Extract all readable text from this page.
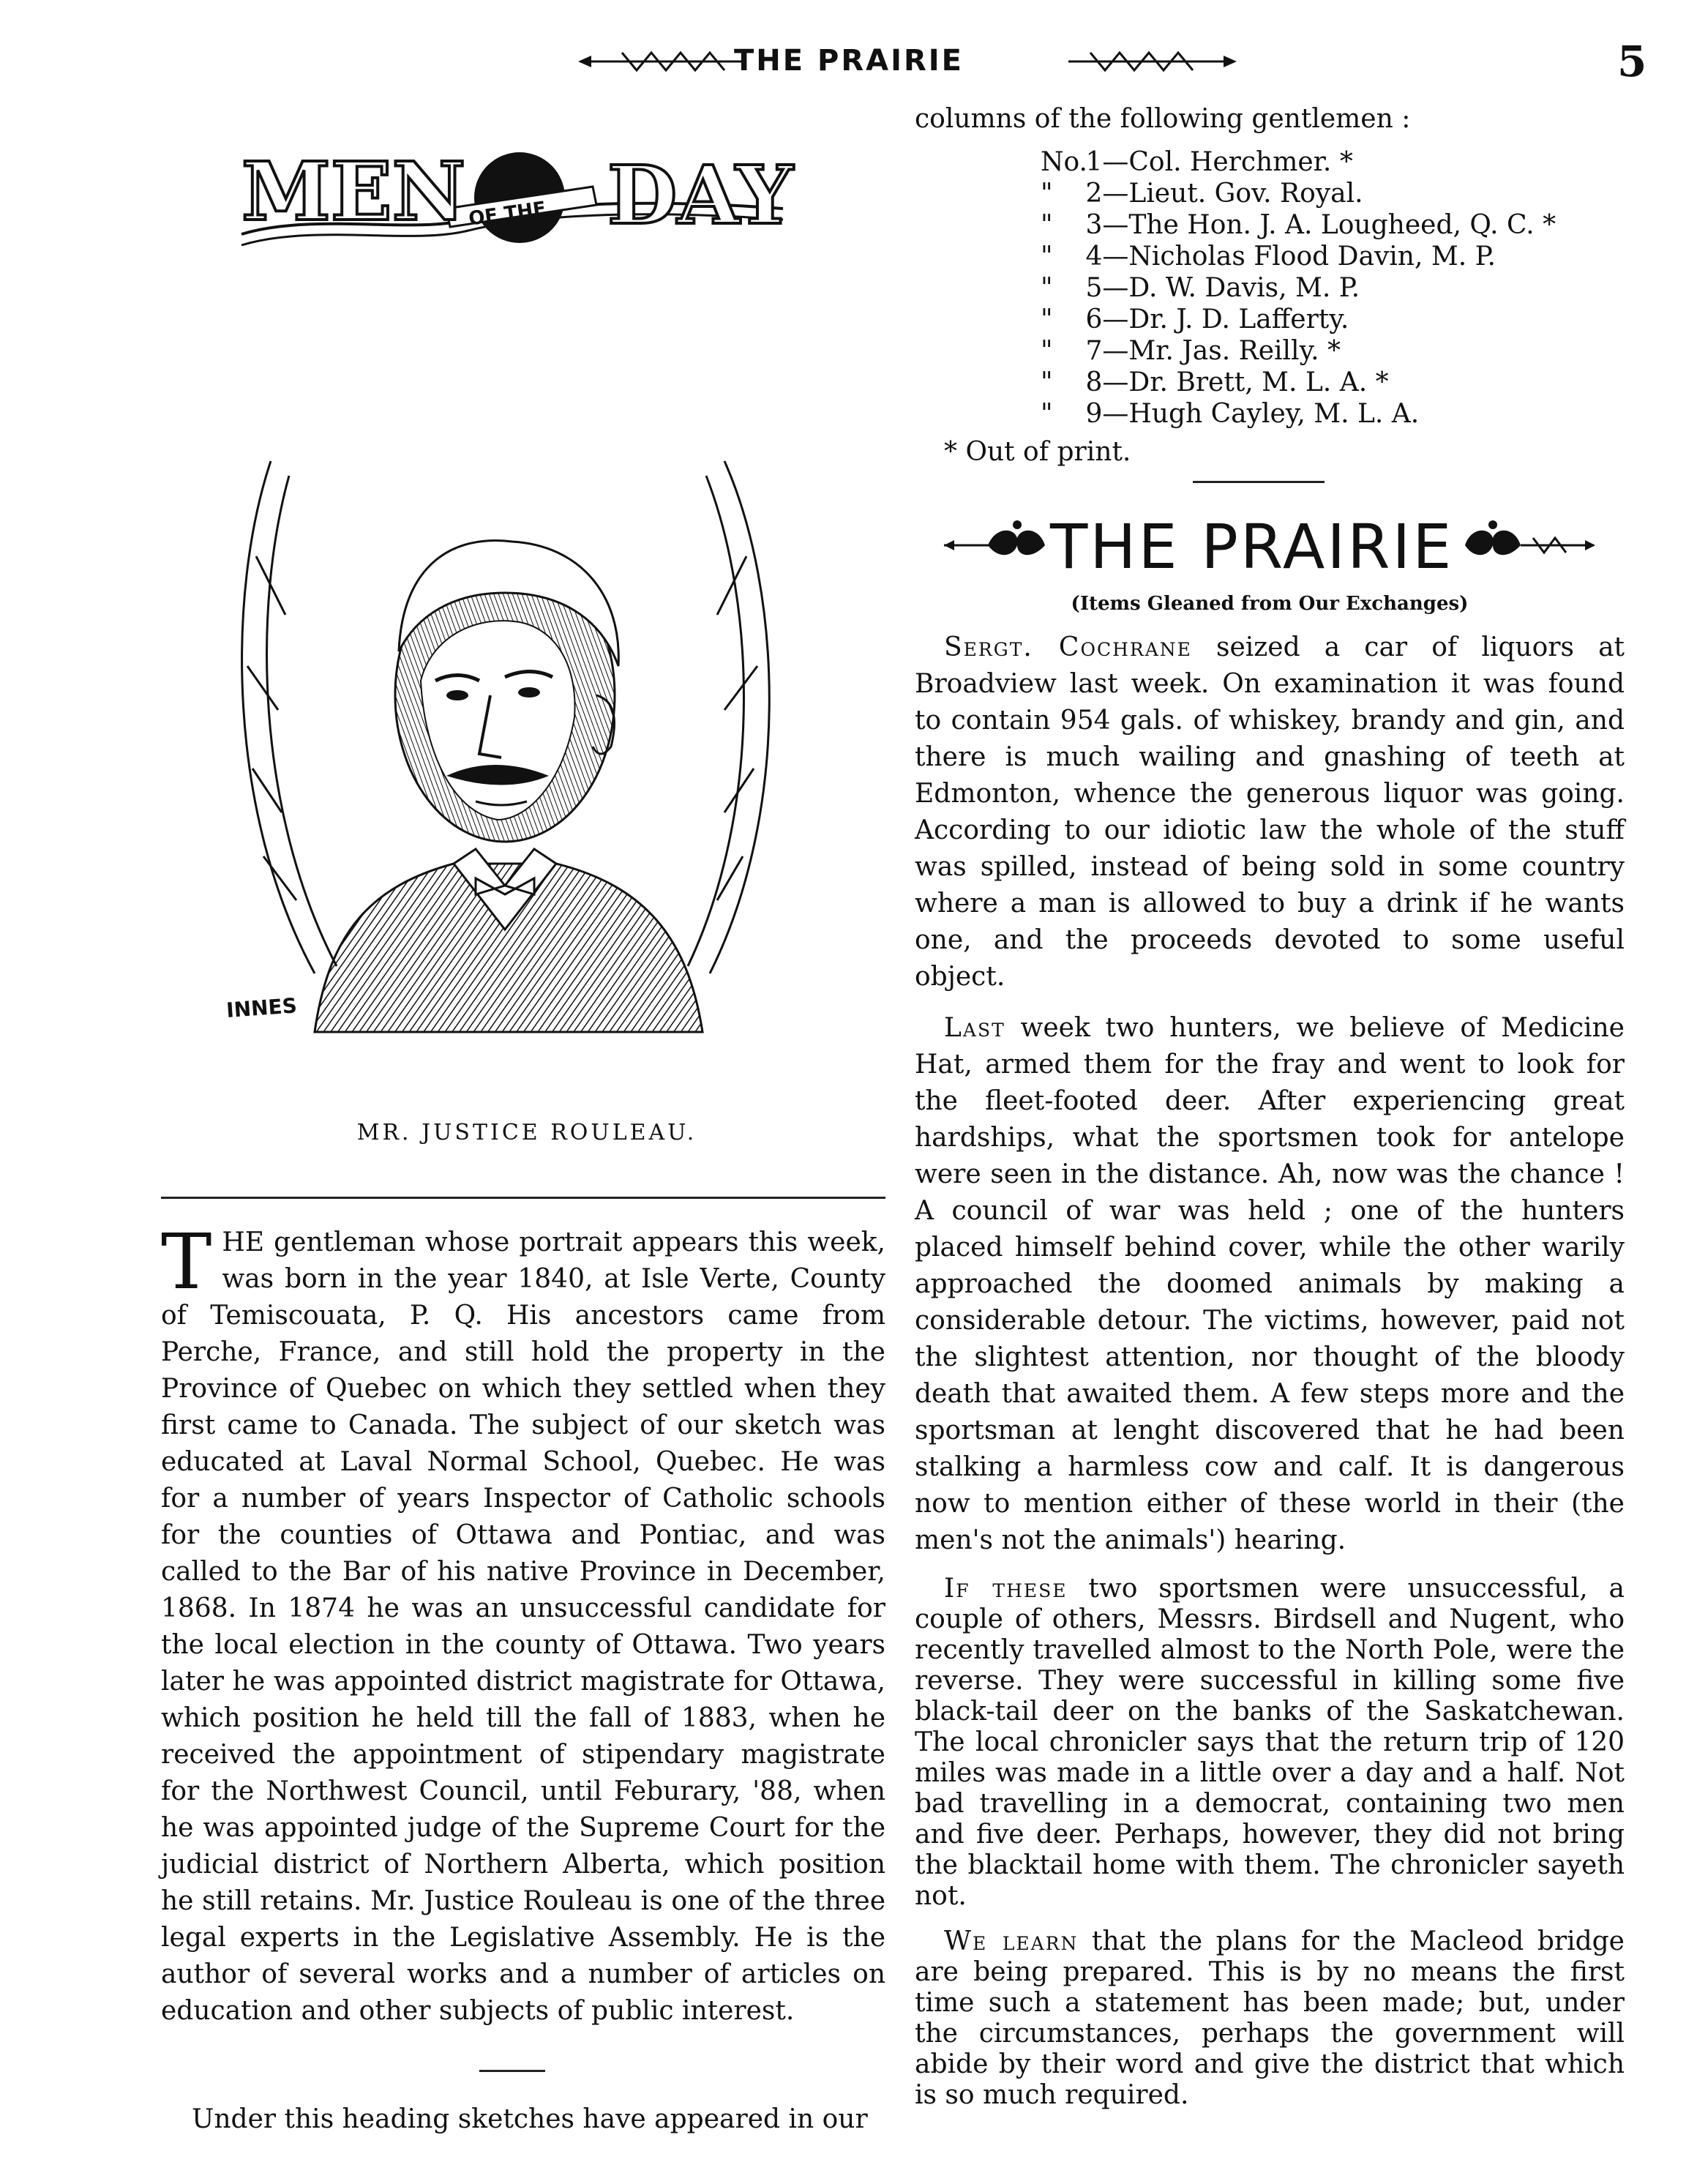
THE PRAIRIE	5
MEN OF THE DAY
INNES
MR. JUSTICE ROULEAU.

THE gentleman whose portrait appears this week, was born in the year 1840, at Isle Verte, County of Temiscouata, P. Q. His ancestors came from Perche, France, and still hold the property in the Province of Quebec on which they settled when they first came to Canada. The subject of our sketch was educated at Laval Normal School, Quebec. He was for a number of years Inspector of Catholic schools for the counties of Ottawa and Pontiac, and was called to the Bar of his native Province in December, 1868. In 1874 he was an unsuccessful candidate for the local election in the county of Ottawa. Two years later he was appointed district magistrate for Ottawa, which position he held till the fall of 1883, when he received the appointment of stipendary magistrate for the Northwest Council, until Feburary, '88, when he was appointed judge of the Supreme Court for the judicial district of Northern Alberta, which position he still retains. Mr. Justice Rouleau is one of the three legal experts in the Legislative Assembly. He is the author of several works and a number of articles on education and other subjects of public interest.

Under this heading sketches have appeared in our
columns of the following gentlemen :
No. 1—Col. Herchmer. *
" 2—Lieut. Gov. Royal.
" 3—The Hon. J. A. Lougheed, Q. C. *
" 4—Nicholas Flood Davin, M. P.
" 5—D. W. Davis, M. P.
" 6—Dr. J. D. Lafferty.
" 7—Mr. Jas. Reilly. *
" 8—Dr. Brett, M. L. A. *
" 9—Hugh Cayley, M. L. A.
* Out of print.
THE PRAIRIE
(Items Gleaned from Our Exchanges)

Sergt. Cochrane seized a car of liquors at Broadview last week. On examination it was found to contain 954 gals. of whiskey, brandy and gin, and there is much wailing and gnashing of teeth at Edmonton, whence the generous liquor was going. According to our idiotic law the whole of the stuff was spilled, instead of being sold in some country where a man is allowed to buy a drink if he wants one, and the proceeds devoted to some useful object.

Last week two hunters, we believe of Medicine Hat, armed them for the fray and went to look for the fleet-footed deer. After experiencing great hardships, what the sportsmen took for antelope were seen in the distance. Ah, now was the chance ! A council of war was held ; one of the hunters placed himself behind cover, while the other warily approached the doomed animals by making a considerable detour. The victims, however, paid not the slightest attention, nor thought of the bloody death that awaited them. A few steps more and the sportsman at lenght discovered that he had been stalking a harmless cow and calf. It is dangerous now to mention either of these world in their (the men's not the animals') hearing.

If these two sportsmen were unsuccessful, a couple of others, Messrs. Birdsell and Nugent, who recently travelled almost to the North Pole, were the reverse. They were successful in killing some five black-tail deer on the banks of the Saskatchewan. The local chronicler says that the return trip of 120 miles was made in a little over a day and a half. Not bad travelling in a democrat, containing two men and five deer. Perhaps, however, they did not bring the blacktail home with them. The chronicler sayeth not.

We learn that the plans for the Macleod bridge are being prepared. This is by no means the first time such a statement has been made; but, under the circumstances, perhaps the government will abide by their word and give the district that which is so much required.
